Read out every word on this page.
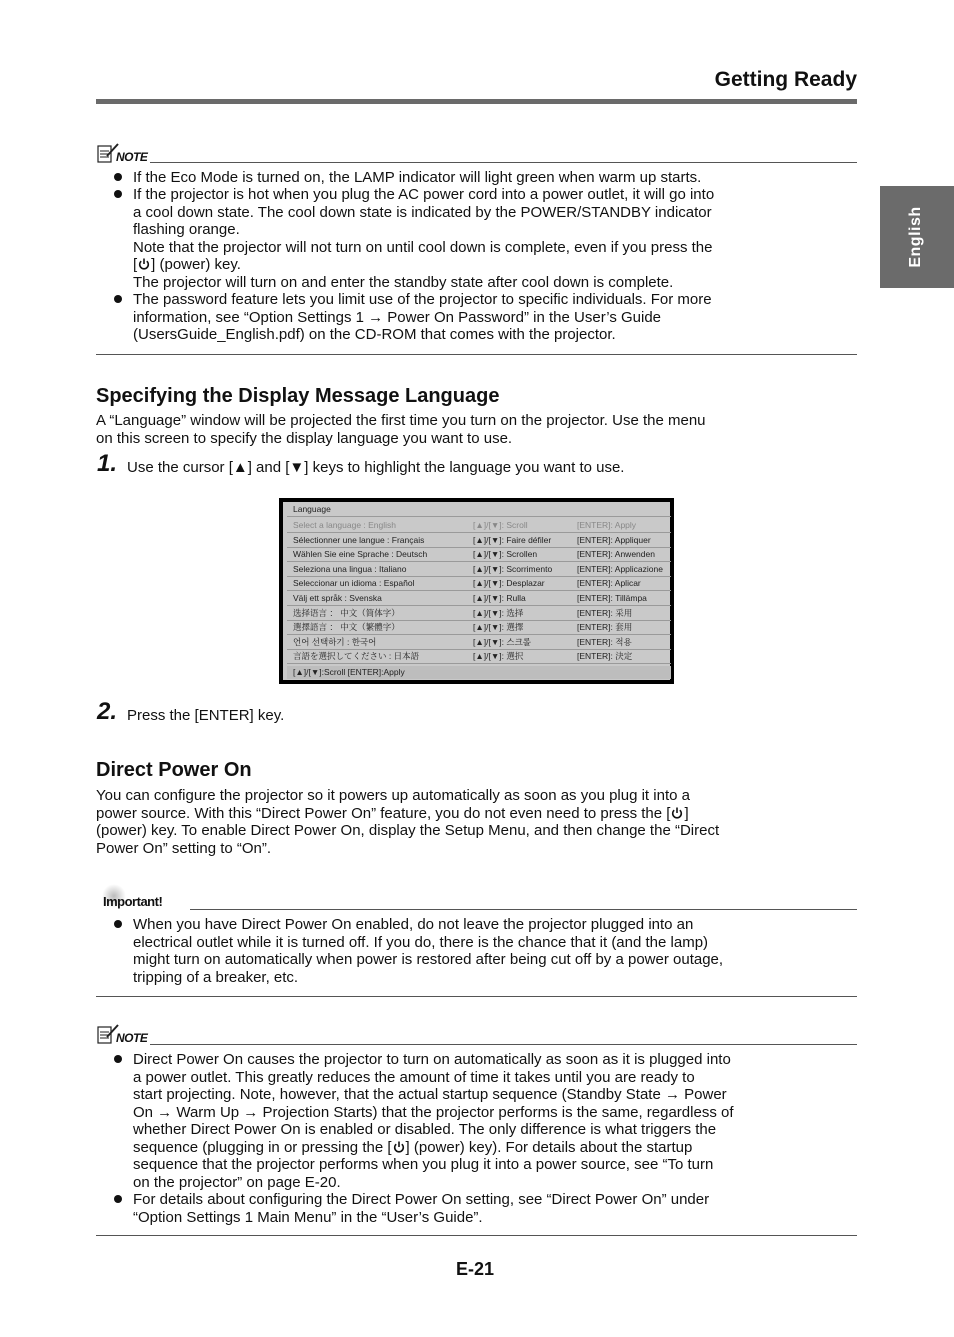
Getting Ready
English
NOTE
If the Eco Mode is turned on, the LAMP indicator will light green when warm up starts.
If the projector is hot when you plug the AC power cord into a power outlet, it will go into
a cool down state. The cool down state is indicated by the POWER/STANDBY indicator
flashing orange.
Note that the projector will not turn on until cool down is complete, even if you press the
[ ] (power) key.
The projector will turn on and enter the standby state after cool down is complete.
The password feature lets you limit use of the projector to specific individuals. For more
information, see “Option Settings 1 → Power On Password” in the User’s Guide
(UsersGuide_English.pdf) on the CD-ROM that comes with the projector.
Specifying the Display Message Language
A “Language” window will be projected the first time you turn on the projector. Use the menu
on this screen to specify the display language you want to use.
1. Use the cursor [▲] and [▼] keys to highlight the language you want to use.
Language
Select a language : English	[▲]/[▼]: Scroll	[ENTER]: Apply
Sélectionner une langue : Français	[▲]/[▼]: Faire défiler	[ENTER]: Appliquer
Wählen Sie eine Sprache : Deutsch	[▲]/[▼]: Scrollen	[ENTER]: Anwenden
Seleziona una lingua : Italiano	[▲]/[▼]: Scorrimento	[ENTER]: Applicazione
Seleccionar un idioma : Español	[▲]/[▼]: Desplazar	[ENTER]: Aplicar
Välj ett språk : Svenska	[▲]/[▼]: Rulla	[ENTER]: Tillämpa
选择语言 ： 中文（简体字）	[▲]/[▼]: 选择	[ENTER]: 采用
選擇語言 ： 中文（繁體字）	[▲]/[▼]: 選擇	[ENTER]: 套用
언어 선택하기 : 한국어	[▲]/[▼]: 스크롤	[ENTER]: 적용
言語を選択してください : 日本語	[▲]/[▼]: 選択	[ENTER]: 決定
[▲]/[▼]:Scroll [ENTER]:Apply
2. Press the [ENTER] key.
Direct Power On
You can configure the projector so it powers up automatically as soon as you plug it into a
power source. With this “Direct Power On” feature, you do not even need to press the [ ]
(power) key. To enable Direct Power On, display the Setup Menu, and then change the “Direct
Power On” setting to “On”.
Important!
When you have Direct Power On enabled, do not leave the projector plugged into an
electrical outlet while it is turned off. If you do, there is the chance that it (and the lamp)
might turn on automatically when power is restored after being cut off by a power outage,
tripping of a breaker, etc.
NOTE
Direct Power On causes the projector to turn on automatically as soon as it is plugged into
a power outlet. This greatly reduces the amount of time it takes until you are ready to
start projecting. Note, however, that the actual startup sequence (Standby State → Power
On → Warm Up → Projection Starts) that the projector performs is the same, regardless of
whether Direct Power On is enabled or disabled. The only difference is what triggers the
sequence (plugging in or pressing the [ ] (power) key). For details about the startup
sequence that the projector performs when you plug it into a power source, see “To turn
on the projector” on page E-20.
For details about configuring the Direct Power On setting, see “Direct Power On” under
“Option Settings 1 Main Menu” in the “User’s Guide”.
E-21
